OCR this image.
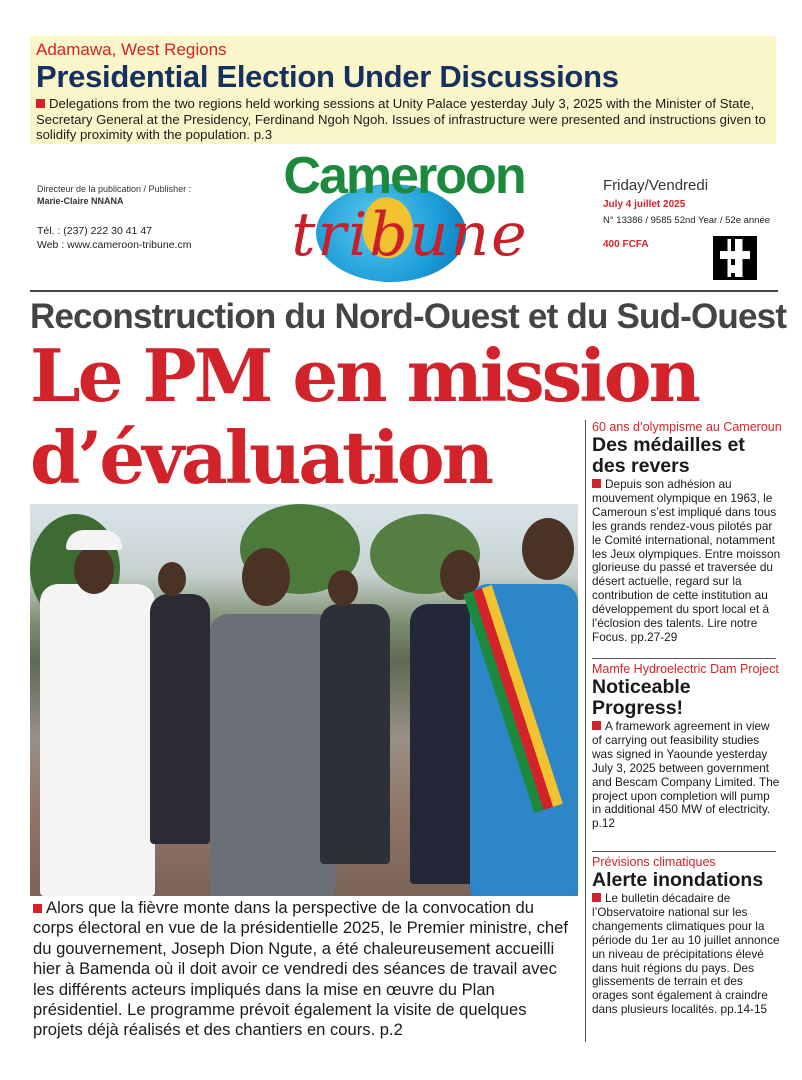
Adamawa, West Regions
Presidential Election Under Discussions
Delegations from the two regions held working sessions at Unity Palace yesterday July 3, 2025 with the Minister of State, Secretary General at the Presidency, Ferdinand Ngoh Ngoh. Issues of infrastructure were presented and instructions given to solidify proximity with the population. p.3
Directeur de la publication / Publisher :
Marie-Claire NNANA
Tél. : (237) 222 30 41 47
Web : www.cameroon-tribune.cm
Cameroon
tribune
Friday/Vendredi
July 4 juillet 2025
N° 13386 / 9585 52nd Year / 52e année
400 FCFA
Reconstruction du Nord-Ouest et du Sud-Ouest
Le PM en mission
d’évaluation
Alors que la fièvre monte dans la perspective de la convocation du corps électoral en vue de la présidentielle 2025, le Premier ministre, chef du gouvernement, Joseph Dion Ngute, a été chaleureusement accueilli hier à Bamenda où il doit avoir ce vendredi des séances de travail avec les différents acteurs impliqués dans la mise en œuvre du Plan présidentiel. Le programme prévoit également la visite de quelques projets déjà réalisés et des chantiers en cours. p.2
60 ans d’olympisme au Cameroun
Des médailles et des revers
Depuis son adhésion au mouvement olympique en 1963, le Cameroun s’est impliqué dans tous les grands rendez-vous pilotés par le Comité international, notamment les Jeux olympiques. Entre moisson glorieuse du passé et traversée du désert actuelle, regard sur la contribution de cette institution au développement du sport local et à l’éclosion des talents. Lire notre Focus. pp.27-29
Mamfe Hydroelectric Dam Project
Noticeable Progress!
A framework agreement in view of carrying out feasibility studies was signed in Yaounde yesterday July 3, 2025 between government and Bescam Company Limited. The project upon completion will pump in additional 450 MW of electricity. p.12
Prévisions climatiques
Alerte inondations
Le bulletin décadaire de l’Observatoire national sur les changements climatiques pour la période du 1er au 10 juillet annonce un niveau de précipitations élevé dans huit régions du pays. Des glissements de terrain et des orages sont également à craindre dans plusieurs localités. pp.14-15
